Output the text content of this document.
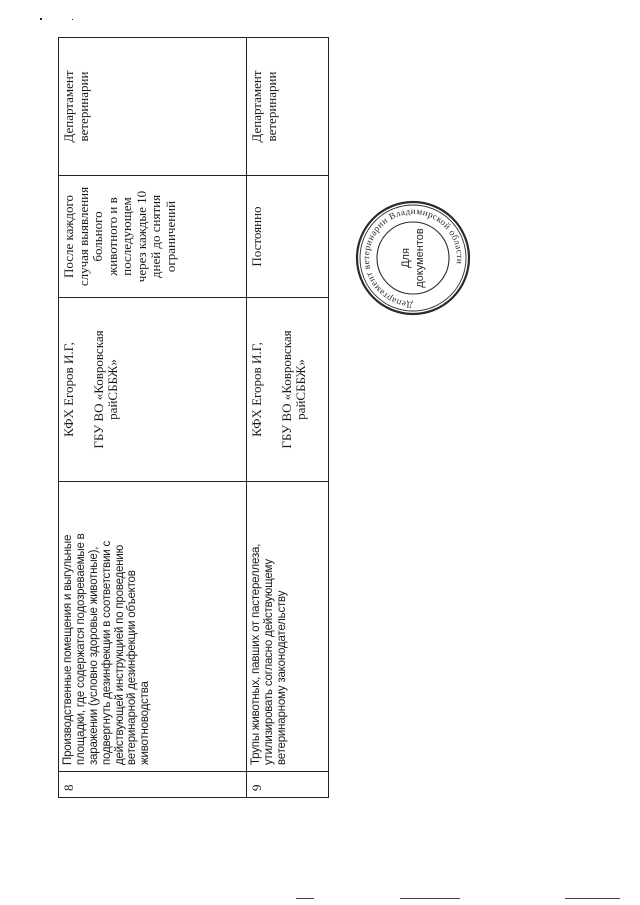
8	Производственные помещения и выгульные площадки, где содержатся подозреваемые в заражении (условно здоровые животные), подвергнуть дезинфекции в соответствии с действующей инструкцией по проведению ветеринарной дезинфекции объектов животноводства	КФХ Егоров И.Г, ГБУ ВО «Ковровская райСББЖ»	После каждого случая выявления больного животного и в последующем через каждые 10 дней до снятия ограничений	Департамент ветеринарии
9	Трупы животных, павших от пастереллеза, утилизировать согласно действующему ветеринарному законодательству	КФХ Егоров И.Г, ГБУ ВО «Ковровская райСББЖ»	Постоянно	Департамент ветеринарии
Департамент ветеринарии Владимирской области
Для документов
